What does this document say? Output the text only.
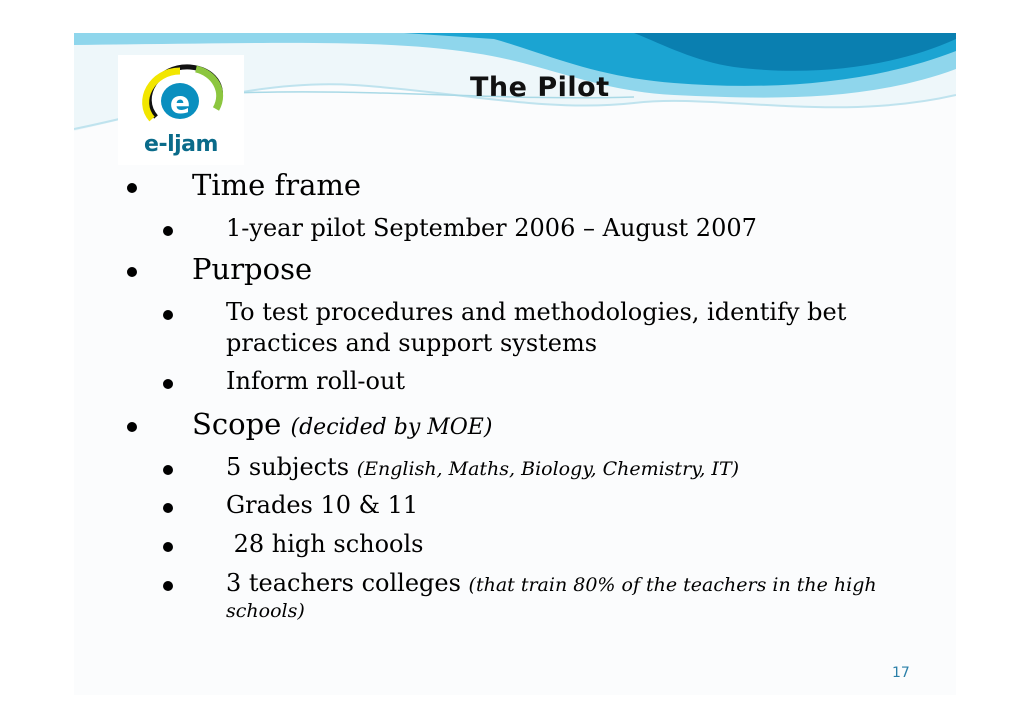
e
e-ljam
The Pilot
Time frame
1-year pilot September 2006 – August 2007
Purpose
To test procedures and methodologies, identify bet
practices and support systems
Inform roll-out
Scope (decided by MOE)
5 subjects (English, Maths, Biology, Chemistry, IT)
Grades 10 & 11
28 high schools
3 teachers colleges (that train 80% of the teachers in the high
schools)
17
